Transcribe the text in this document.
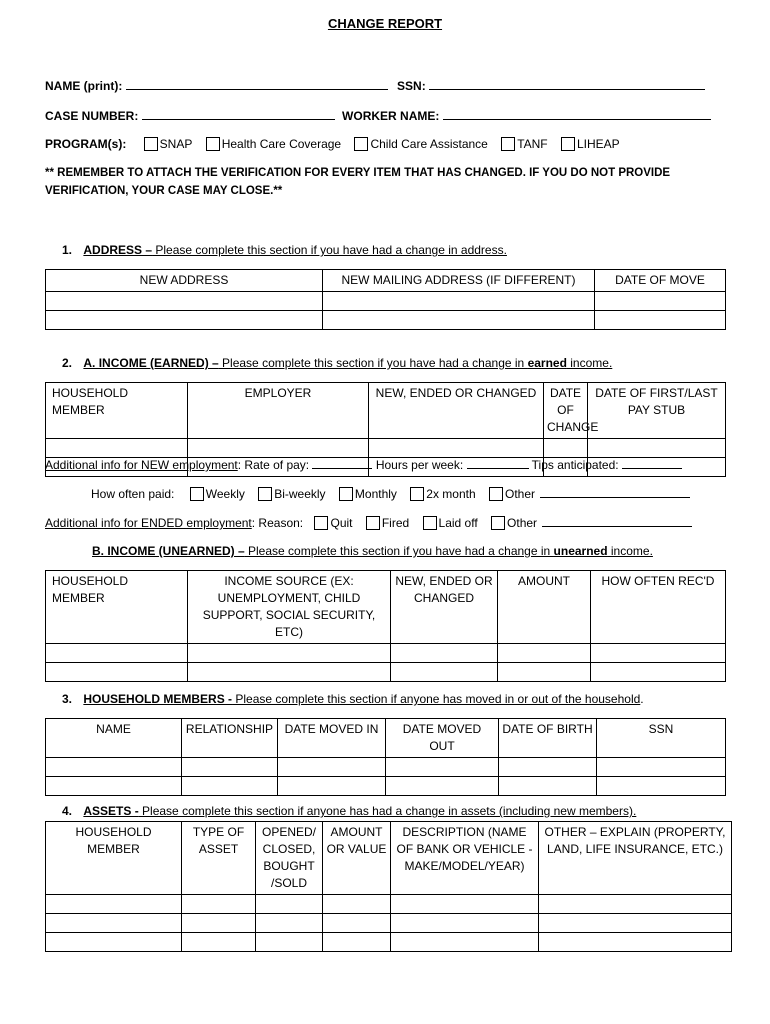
CHANGE REPORT
NAME (print):	SSN:
CASE NUMBER:	WORKER NAME:
PROGRAM(s):	SNAP Health Care Coverage Child Care Assistance TANF LIHEAP
** REMEMBER TO ATTACH THE VERIFICATION FOR EVERY ITEM THAT HAS CHANGED. IF YOU DO NOT PROVIDE
VERIFICATION, YOUR CASE MAY CLOSE.**
1. ADDRESS – Please complete this section if you have had a change in address.
NEW ADDRESS	NEW MAILING ADDRESS (IF DIFFERENT)	DATE OF MOVE

2. A. INCOME (EARNED) – Please complete this section if you have had a change in earned income.
HOUSEHOLD MEMBER	EMPLOYER	NEW, ENDED OR CHANGED	DATE OF CHANGE	DATE OF FIRST/LAST PAY STUB

Additional info for NEW employment: Rate of pay:	Hours per week:	Tips anticipated:
How often paid:	Weekly Bi-weekly Monthly 2x month Other
Additional info for ENDED employment: Reason: Quit Fired Laid off Other
B. INCOME (UNEARNED) – Please complete this section if you have had a change in unearned income.
HOUSEHOLD MEMBER	INCOME SOURCE (EX: UNEMPLOYMENT, CHILD SUPPORT, SOCIAL SECURITY, ETC)	NEW, ENDED OR CHANGED	AMOUNT	HOW OFTEN REC'D

3. HOUSEHOLD MEMBERS - Please complete this section if anyone has moved in or out of the household.
NAME	RELATIONSHIP	DATE MOVED IN	DATE MOVED OUT	DATE OF BIRTH	SSN

4. ASSETS - Please complete this section if anyone has had a change in assets (including new members).
HOUSEHOLD MEMBER	TYPE OF ASSET	OPENED/ CLOSED, BOUGHT /SOLD	AMOUNT OR VALUE	DESCRIPTION (NAME OF BANK OR VEHICLE - MAKE/MODEL/YEAR)	OTHER – EXPLAIN (PROPERTY, LAND, LIFE INSURANCE, ETC.)
